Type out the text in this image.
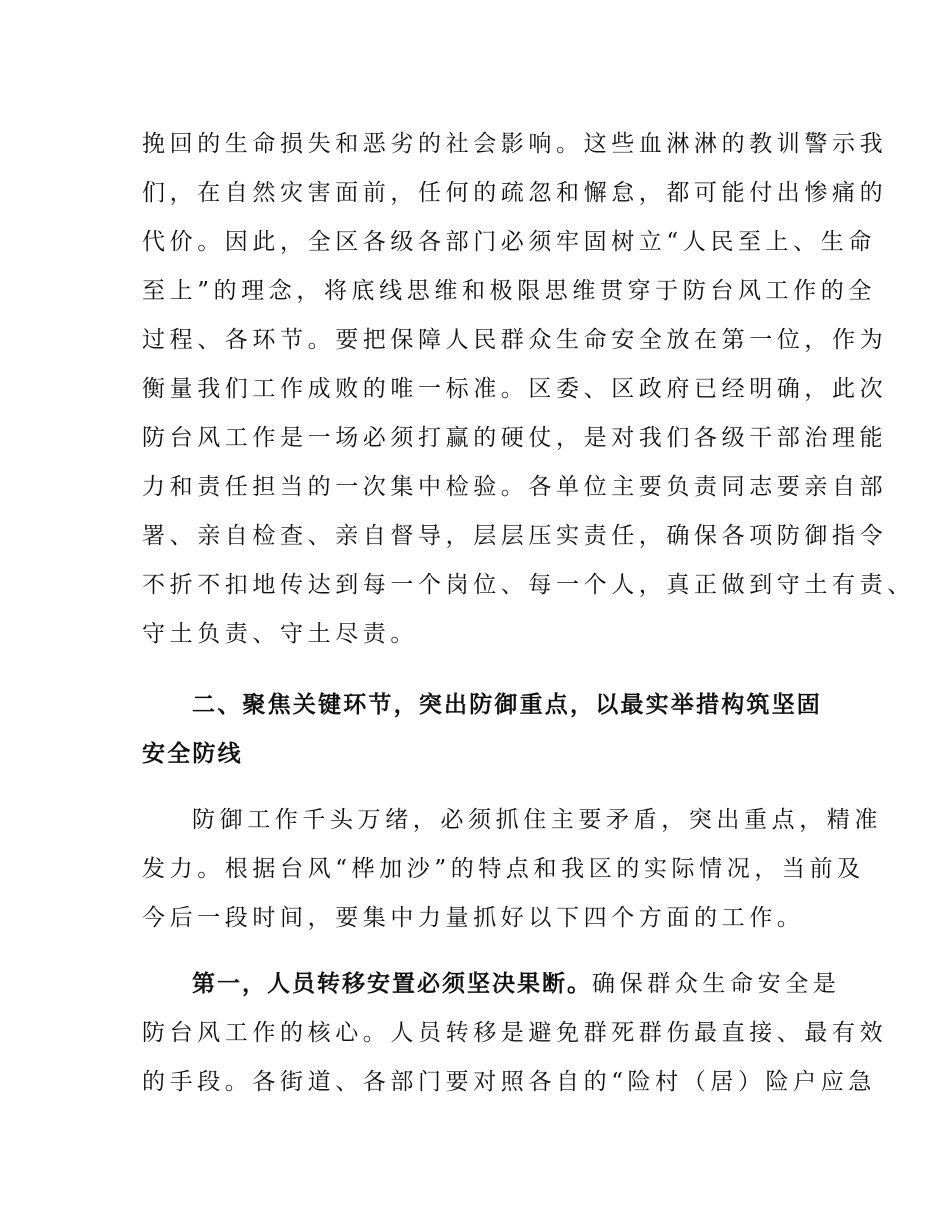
挽回的生命损失和恶劣的社会影响。这些血淋淋的教训警示我
们，在自然灾害面前，任何的疏忽和懈怠，都可能付出惨痛的
代价。因此，全区各级各部门必须牢固树立“人民至上、生命
至上”的理念，将底线思维和极限思维贯穿于防台风工作的全
过程、各环节。要把保障人民群众生命安全放在第一位，作为
衡量我们工作成败的唯一标准。区委、区政府已经明确，此次
防台风工作是一场必须打赢的硬仗，是对我们各级干部治理能
力和责任担当的一次集中检验。各单位主要负责同志要亲自部
署、亲自检查、亲自督导，层层压实责任，确保各项防御指令
不折不扣地传达到每一个岗位、每一个人，真正做到守土有责、
守土负责、守土尽责。
二、聚焦关键环节，突出防御重点，以最实举措构筑坚固
安全防线
防御工作千头万绪，必须抓住主要矛盾，突出重点，精准
发力。根据台风“桦加沙”的特点和我区的实际情况，当前及
今后一段时间，要集中力量抓好以下四个方面的工作。
第一，人员转移安置必须坚决果断。确保群众生命安全是
防台风工作的核心。人员转移是避免群死群伤最直接、最有效
的手段。各街道、各部门要对照各自的“险村（居）险户应急
